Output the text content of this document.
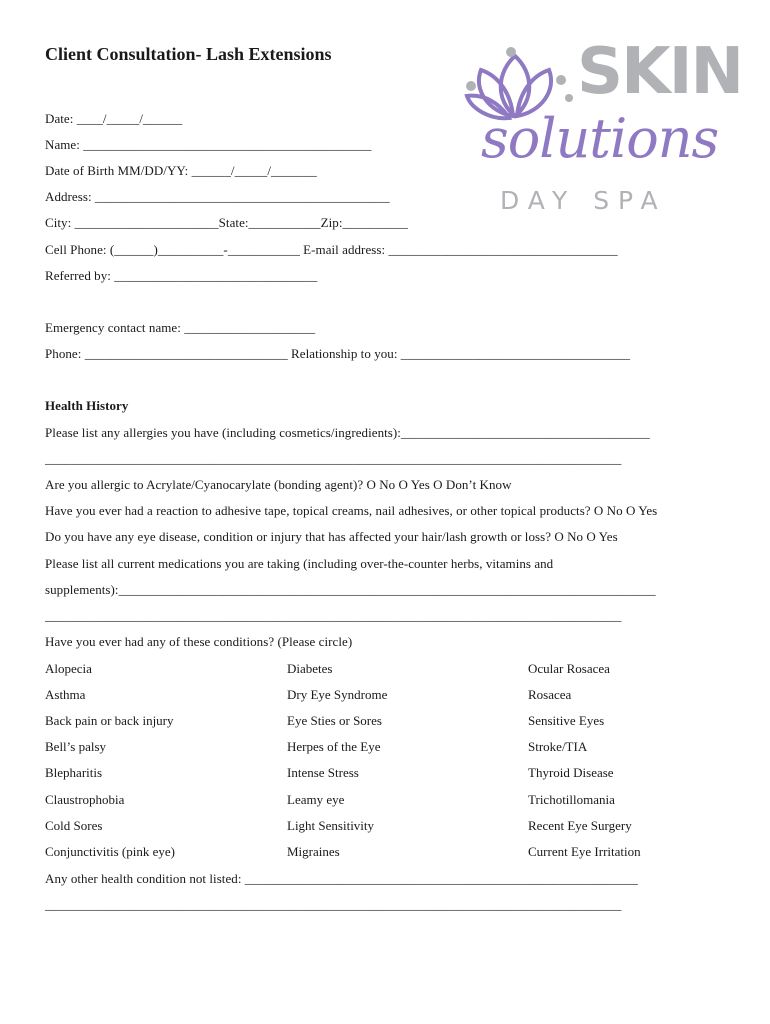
Client Consultation- Lash Extensions	SKIN
solutions
DAY SPA
Date: ____/_____/______
Name: ____________________________________________
Date of Birth MM/DD/YY: ______/_____/_______
Address: _____________________________________________
City: ______________________State:___________Zip:__________
Cell Phone: (______)__________-___________ E-mail address: ___________________________________
Referred by: _______________________________
Emergency contact name: ____________________
Phone: _______________________________ Relationship to you: ___________________________________
Health History
Please list any allergies you have (including cosmetics/ingredients):______________________________________
________________________________________________________________________________________
Are you allergic to Acrylate/Cyanocarylate (bonding agent)? O No O Yes O Don’t Know
Have you ever had a reaction to adhesive tape, topical creams, nail adhesives, or other topical products? O No O Yes
Do you have any eye disease, condition or injury that has affected your hair/lash growth or loss? O No O Yes
Please list all current medications you are taking (including over-the-counter herbs, vitamins and
supplements):__________________________________________________________________________________
________________________________________________________________________________________
Have you ever had any of these conditions? (Please circle)
Alopecia	Diabetes	Ocular Rosacea
Asthma	Dry Eye Syndrome	Rosacea
Back pain or back injury	Eye Sties or Sores	Sensitive Eyes
Bell’s palsy	Herpes of the Eye	Stroke/TIA
Blepharitis	Intense Stress	Thyroid Disease
Claustrophobia	Leamy eye	Trichotillomania
Cold Sores	Light Sensitivity	Recent Eye Surgery
Conjunctivitis (pink eye)	Migraines	Current Eye Irritation
Any other health condition not listed: ____________________________________________________________
________________________________________________________________________________________
